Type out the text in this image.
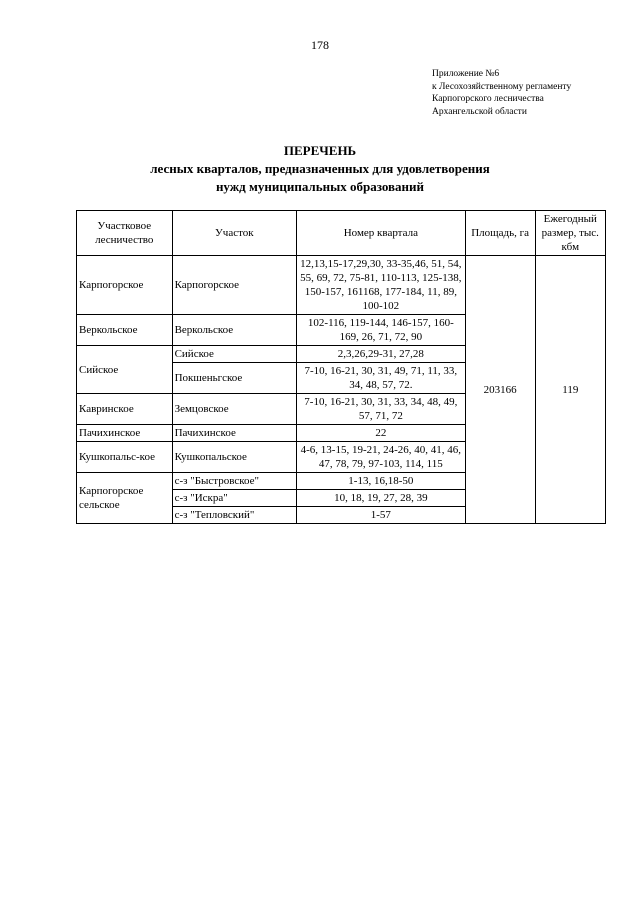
178
Приложение №6
к Лесохозяйственному регламенту
Карпогорского лесничества
Архангельской области
ПЕРЕЧЕНЬ
лесных кварталов, предназначенных для удовлетворения
нужд муниципальных образований
Участковое лесничество	Участок	Номер квартала	Площадь, га	Ежегодный размер, тыс. кбм
Карпогорское	Карпогорское	12,13,15-17,29,30, 33-35,46, 51, 54, 55, 69, 72, 75-81, 110-113, 125-138, 150-157, 161168, 177-184, 11, 89, 100-102	203166	119
Веркольское	Веркольское	102-116, 119-144, 146-157, 160-169, 26, 71, 72, 90		
Сийское	Сийское	2,3,26,29-31, 27,28		
	Покшеньгское	7-10, 16-21, 30, 31, 49, 71, 11, 33, 34, 48, 57, 72.		
Кавринское	Земцовское	7-10, 16-21, 30, 31, 33, 34, 48, 49, 57, 71, 72		
Пачихинское	Пачихинское	22		
Кушкопальс-кое	Кушкопальское	4-6, 13-15, 19-21, 24-26, 40, 41, 46, 47, 78, 79, 97-103, 114, 115		
Карпогорское сельское	с-з "Быстровское"	1-13, 16,18-50		
	с-з "Искра"	10, 18, 19, 27, 28, 39		
	с-з "Тепловский"	1-57		
